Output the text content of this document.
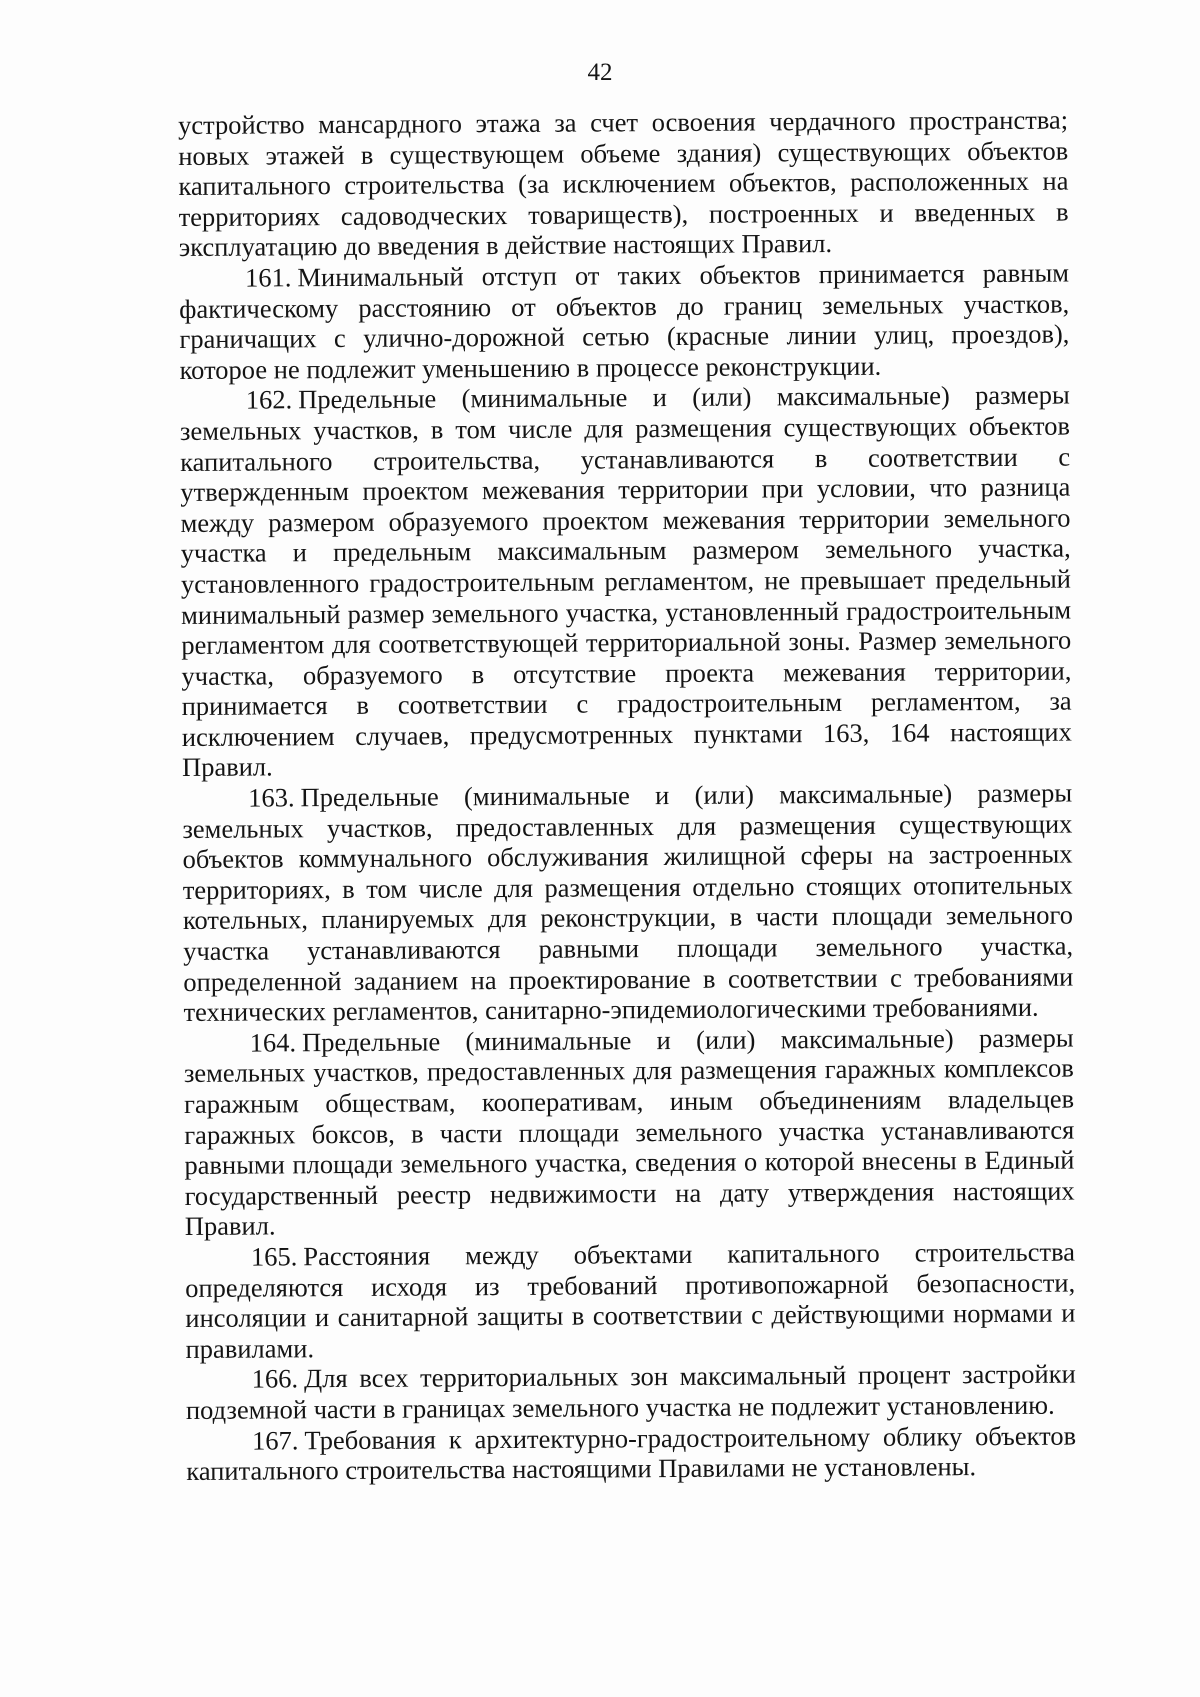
42

устройство мансардного этажа за счет освоения чердачного пространства; новых этажей в существующем объеме здания) существующих объектов капитального строительства (за исключением объектов, расположенных на территориях садоводческих товариществ), построенных и введенных в эксплуатацию до введения в действие настоящих Правил.

161. Минимальный отступ от таких объектов принимается равным фактическому расстоянию от объектов до границ земельных участков, граничащих с улично-дорожной сетью (красные линии улиц, проездов), которое не подлежит уменьшению в процессе реконструкции.

162. Предельные (минимальные и (или) максимальные) размеры земельных участков, в том числе для размещения существующих объектов капитального строительства, устанавливаются в соответствии с утвержденным проектом межевания территории при условии, что разница между размером образуемого проектом межевания территории земельного участка и предельным максимальным размером земельного участка, установленного градостроительным регламентом, не превышает предельный минимальный размер земельного участка, установленный градостроительным регламентом для соответствующей территориальной зоны. Размер земельного участка, образуемого в отсутствие проекта межевания территории, принимается в соответствии с градостроительным регламентом, за исключением случаев, предусмотренных пунктами 163, 164 настоящих Правил.

163. Предельные (минимальные и (или) максимальные) размеры земельных участков, предоставленных для размещения существующих объектов коммунального обслуживания жилищной сферы на застроенных территориях, в том числе для размещения отдельно стоящих отопительных котельных, планируемых для реконструкции, в части площади земельного участка устанавливаются равными площади земельного участка, определенной заданием на проектирование в соответствии с требованиями технических регламентов, санитарно-эпидемиологическими требованиями.

164. Предельные (минимальные и (или) максимальные) размеры земельных участков, предоставленных для размещения гаражных комплексов гаражным обществам, кооперативам, иным объединениям владельцев гаражных боксов, в части площади земельного участка устанавливаются равными площади земельного участка, сведения о которой внесены в Единый государственный реестр недвижимости на дату утверждения настоящих Правил.

165. Расстояния между объектами капитального строительства определяются исходя из требований противопожарной безопасности, инсоляции и санитарной защиты в соответствии с действующими нормами и правилами.

166. Для всех территориальных зон максимальный процент застройки подземной части в границах земельного участка не подлежит установлению.

167. Требования к архитектурно-градостроительному облику объектов капитального строительства настоящими Правилами не установлены.
